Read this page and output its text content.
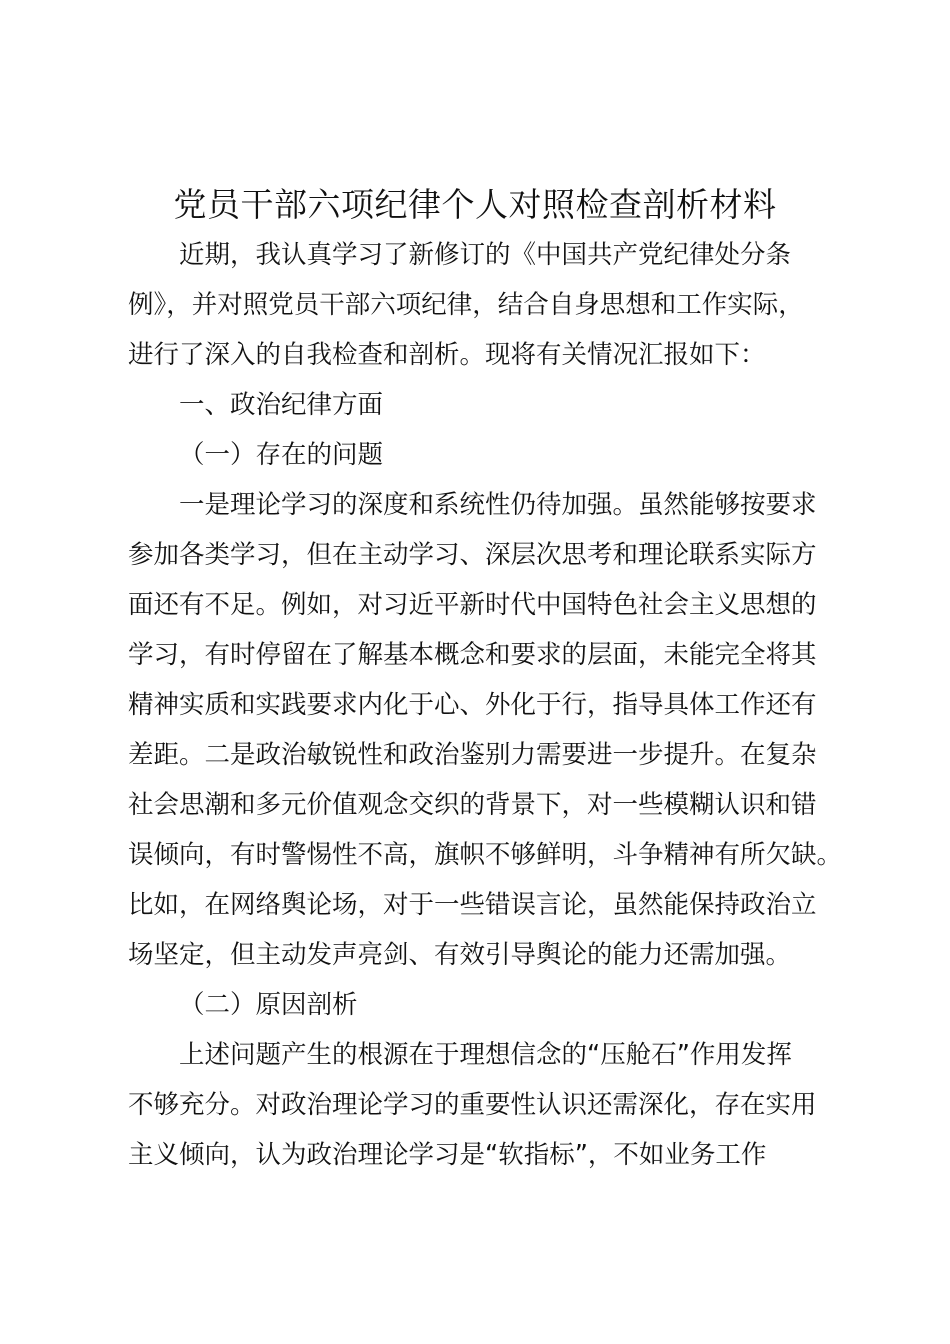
党员干部六项纪律个人对照检查剖析材料
近期，我认真学习了新修订的《中国共产党纪律处分条
例》，并对照党员干部六项纪律，结合自身思想和工作实际，
进行了深入的自我检查和剖析。现将有关情况汇报如下：
一、政治纪律方面
（一）存在的问题
一是理论学习的深度和系统性仍待加强。虽然能够按要求
参加各类学习，但在主动学习、深层次思考和理论联系实际方
面还有不足。例如，对习近平新时代中国特色社会主义思想的
学习，有时停留在了解基本概念和要求的层面，未能完全将其
精神实质和实践要求内化于心、外化于行，指导具体工作还有
差距。二是政治敏锐性和政治鉴别力需要进一步提升。在复杂
社会思潮和多元价值观念交织的背景下，对一些模糊认识和错
误倾向，有时警惕性不高，旗帜不够鲜明，斗争精神有所欠缺。
比如，在网络舆论场，对于一些错误言论，虽然能保持政治立
场坚定，但主动发声亮剑、有效引导舆论的能力还需加强。
（二）原因剖析
上述问题产生的根源在于理想信念的“压舱石”作用发挥
不够充分。对政治理论学习的重要性认识还需深化，存在实用
主义倾向，认为政治理论学习是“软指标”，不如业务工作
